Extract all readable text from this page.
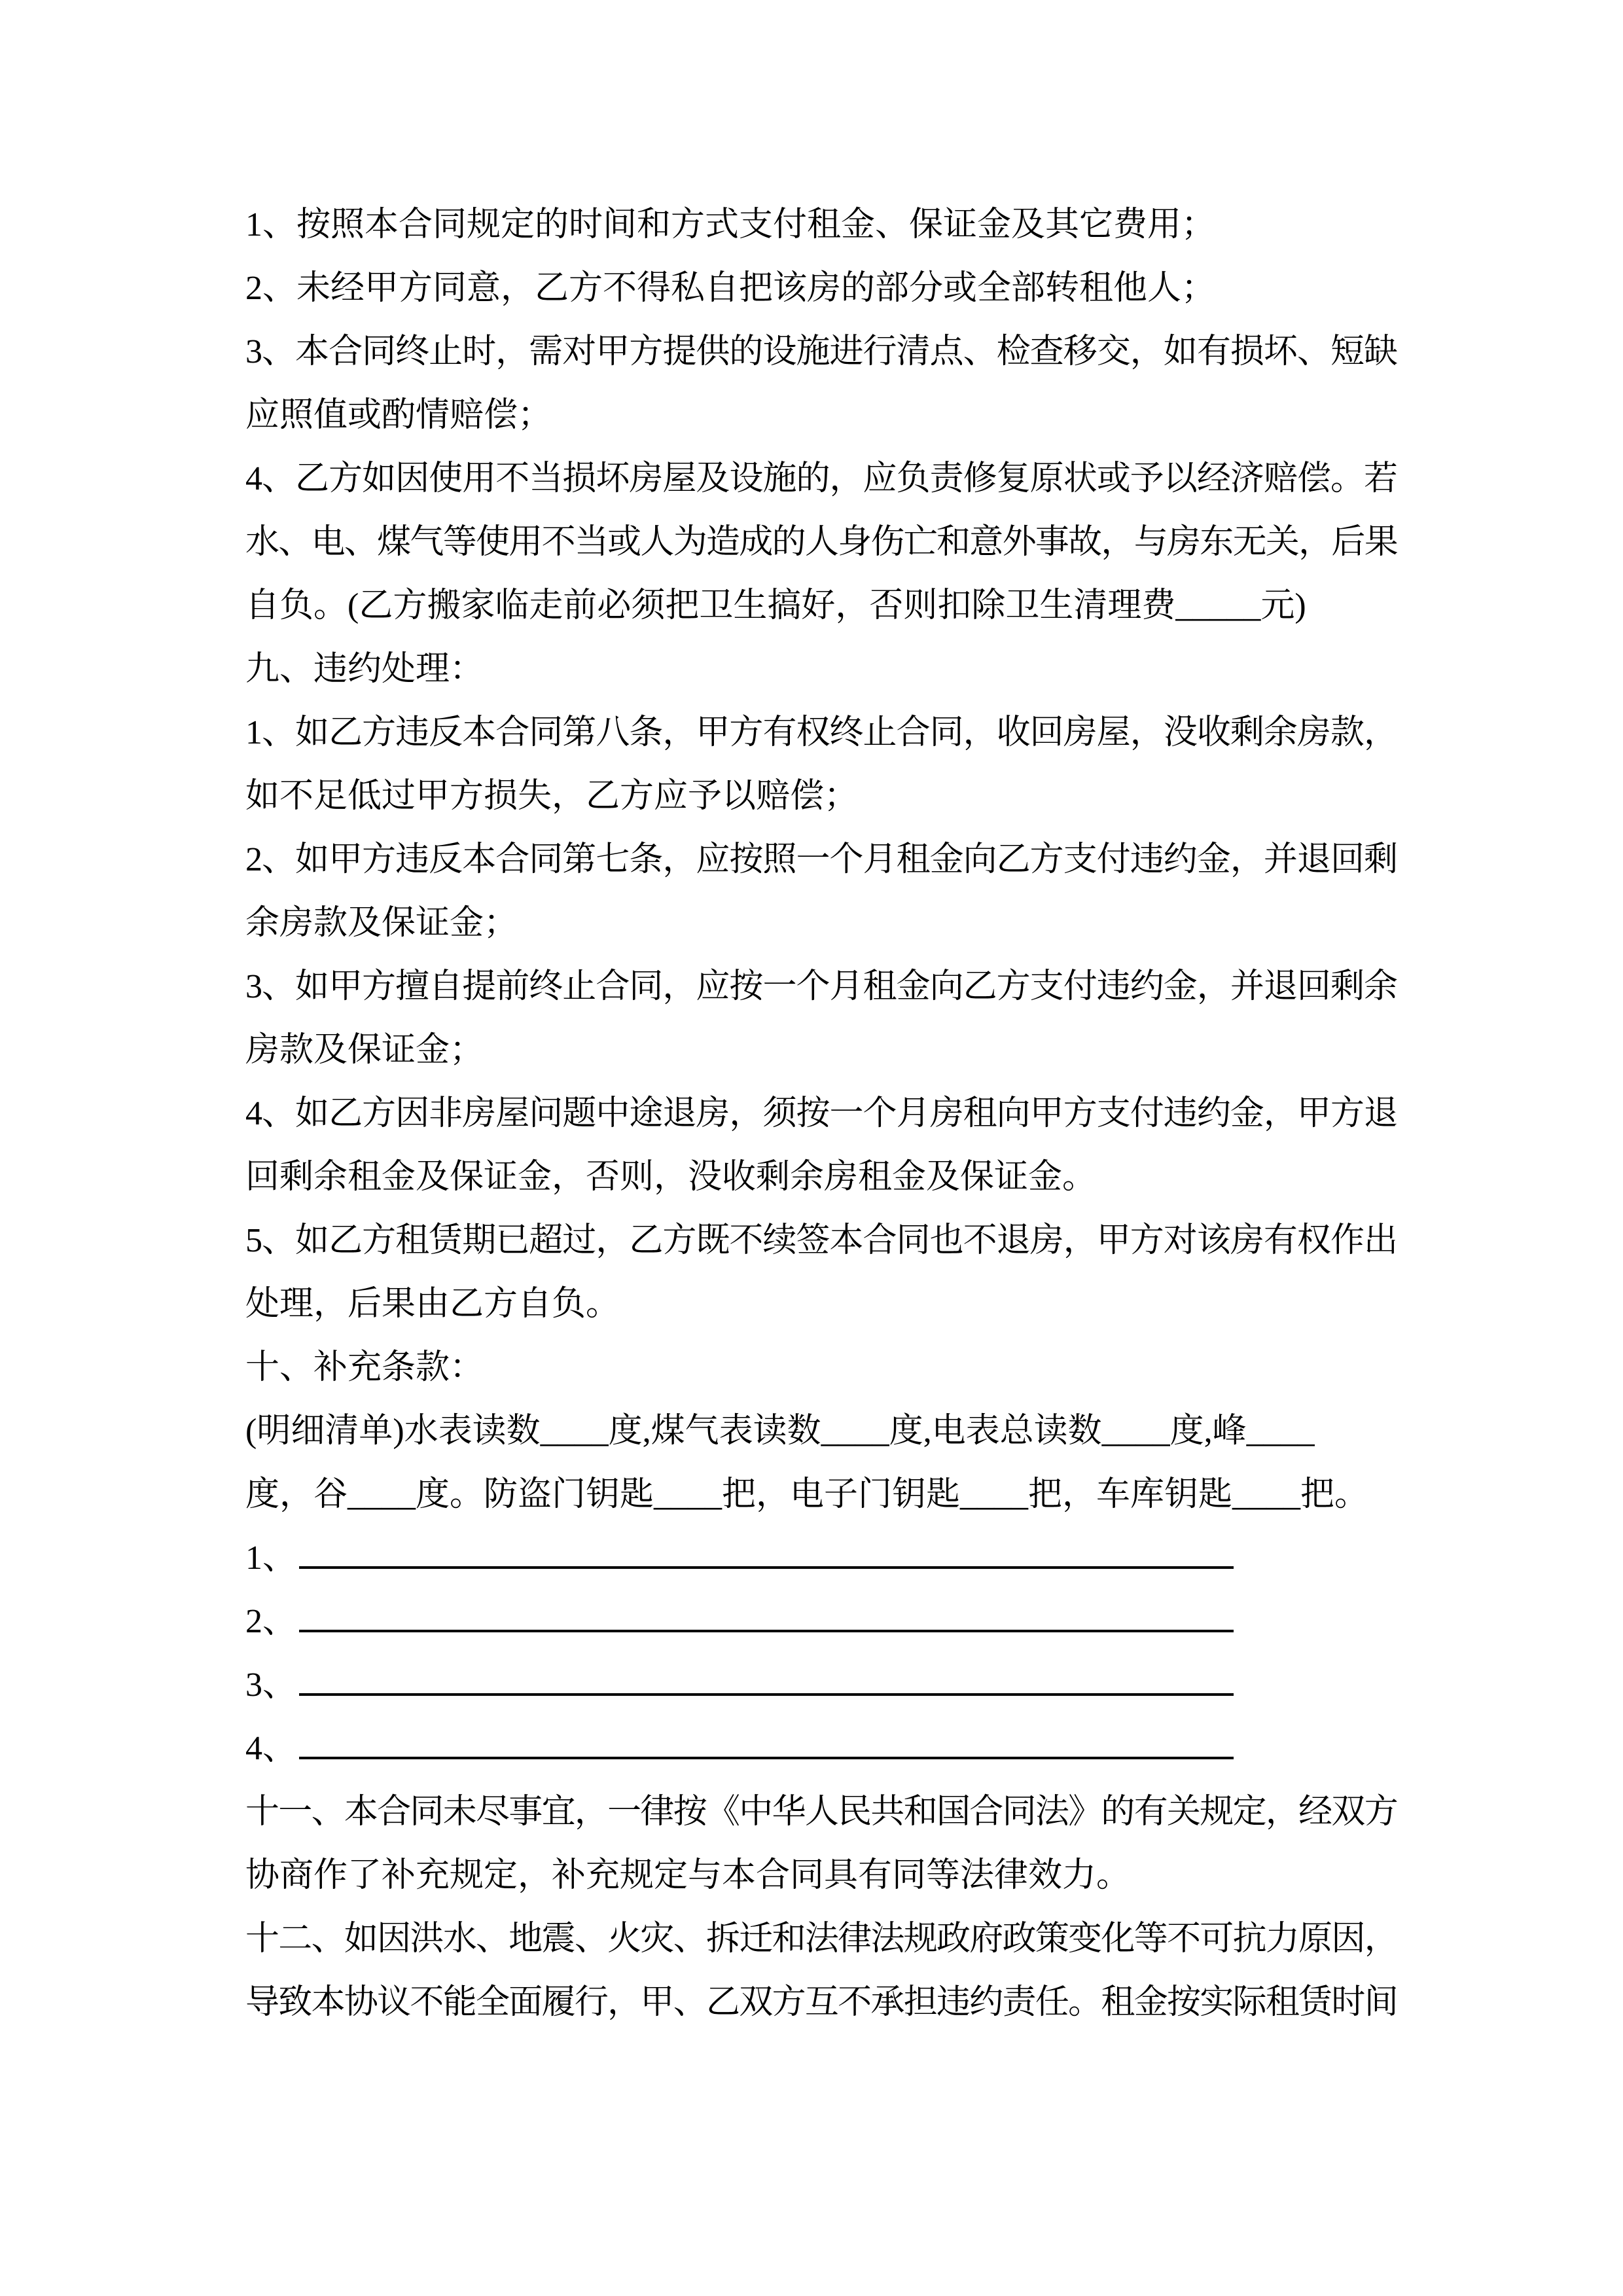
1、按照本合同规定的时间和方式支付租金、保证金及其它费用；
2、未经甲方同意，乙方不得私自把该房的部分或全部转租他人；
3、本合同终止时，需对甲方提供的设施进行清点、检查移交，如有损坏、短缺
应照值或酌情赔偿；
4、乙方如因使用不当损坏房屋及设施的，应负责修复原状或予以经济赔偿。若
水、电、煤气等使用不当或人为造成的人身伤亡和意外事故，与房东无关，后果
自负。(乙方搬家临走前必须把卫生搞好，否则扣除卫生清理费_____元)
九、违约处理：
1、如乙方违反本合同第八条，甲方有权终止合同，收回房屋，没收剩余房款，
如不足低过甲方损失，乙方应予以赔偿；
2、如甲方违反本合同第七条，应按照一个月租金向乙方支付违约金，并退回剩
余房款及保证金；
3、如甲方擅自提前终止合同，应按一个月租金向乙方支付违约金，并退回剩余
房款及保证金；
4、如乙方因非房屋问题中途退房，须按一个月房租向甲方支付违约金，甲方退
回剩余租金及保证金，否则，没收剩余房租金及保证金。
5、如乙方租赁期已超过，乙方既不续签本合同也不退房，甲方对该房有权作出
处理，后果由乙方自负。
十、补充条款：
(明细清单)水表读数____度,煤气表读数____度,电表总读数____度,峰____
度，谷____度。防盗门钥匙____把，电子门钥匙____把，车库钥匙____把。
1、
2、
3、
4、
十一、本合同未尽事宜，一律按《中华人民共和国合同法》的有关规定，经双方
协商作了补充规定，补充规定与本合同具有同等法律效力。
十二、如因洪水、地震、火灾、拆迁和法律法规政府政策变化等不可抗力原因，
导致本协议不能全面履行，甲、乙双方互不承担违约责任。租金按实际租赁时间
